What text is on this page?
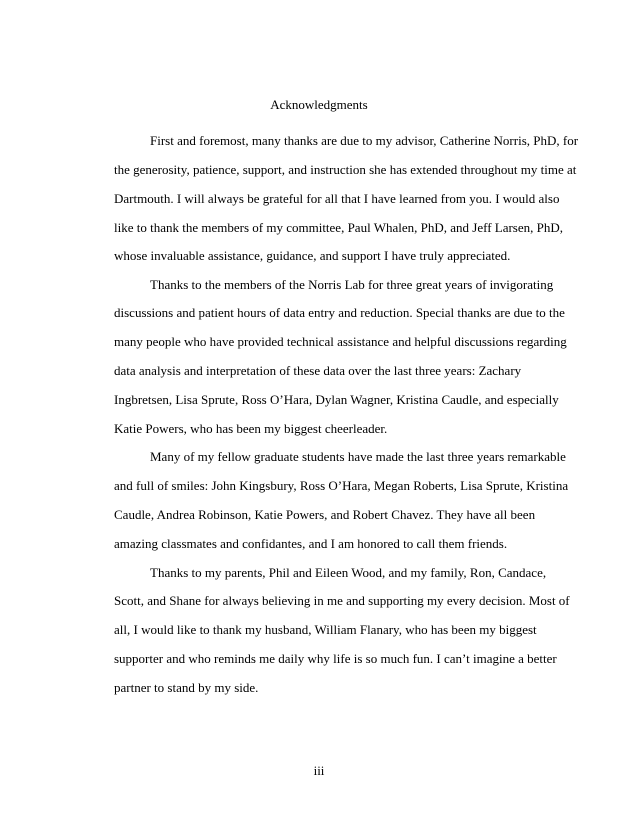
Acknowledgments
First and foremost, many thanks are due to my advisor, Catherine Norris, PhD, for
the generosity, patience, support, and instruction she has extended throughout my time at
Dartmouth. I will always be grateful for all that I have learned from you. I would also
like to thank the members of my committee, Paul Whalen, PhD, and Jeff Larsen, PhD,
whose invaluable assistance, guidance, and support I have truly appreciated.
Thanks to the members of the Norris Lab for three great years of invigorating
discussions and patient hours of data entry and reduction. Special thanks are due to the
many people who have provided technical assistance and helpful discussions regarding
data analysis and interpretation of these data over the last three years: Zachary
Ingbretsen, Lisa Sprute, Ross O’Hara, Dylan Wagner, Kristina Caudle, and especially
Katie Powers, who has been my biggest cheerleader.
Many of my fellow graduate students have made the last three years remarkable
and full of smiles: John Kingsbury, Ross O’Hara, Megan Roberts, Lisa Sprute, Kristina
Caudle, Andrea Robinson, Katie Powers, and Robert Chavez. They have all been
amazing classmates and confidantes, and I am honored to call them friends.
Thanks to my parents, Phil and Eileen Wood, and my family, Ron, Candace,
Scott, and Shane for always believing in me and supporting my every decision. Most of
all, I would like to thank my husband, William Flanary, who has been my biggest
supporter and who reminds me daily why life is so much fun. I can’t imagine a better
partner to stand by my side.
iii
